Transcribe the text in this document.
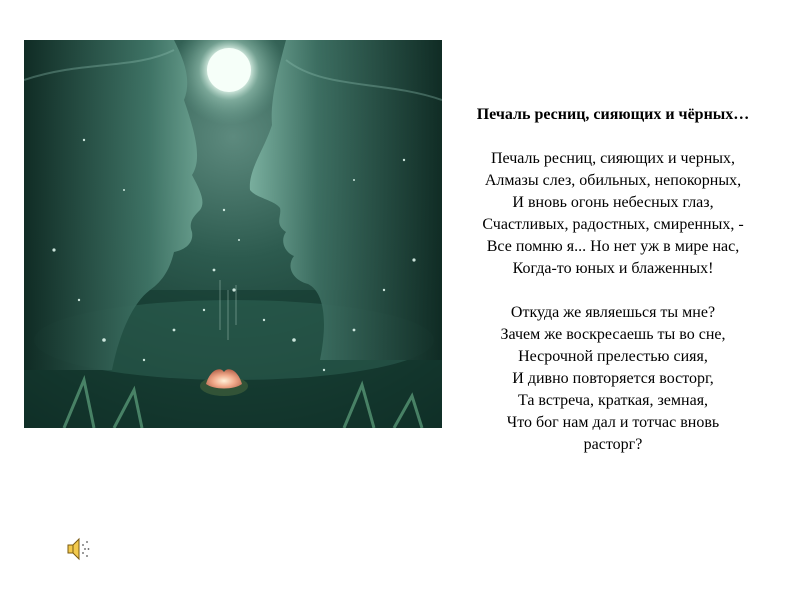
Печаль ресниц, сияющих и чёрных…
Печаль ресниц, сияющих и черных,
Алмазы слез, обильных, непокорных,
И вновь огонь небесных глаз,
Счастливых, радостных, смиренных, -
Все помню я... Но нет уж в мире нас,
Когда-то юных и блаженных!
Откуда же являешься ты мне?
Зачем же воскресаешь ты во сне,
Несрочной прелестью сияя,
И дивно повторяется восторг,
Та встреча, краткая, земная,
Что бог нам дал и тотчас вновь
расторг?
